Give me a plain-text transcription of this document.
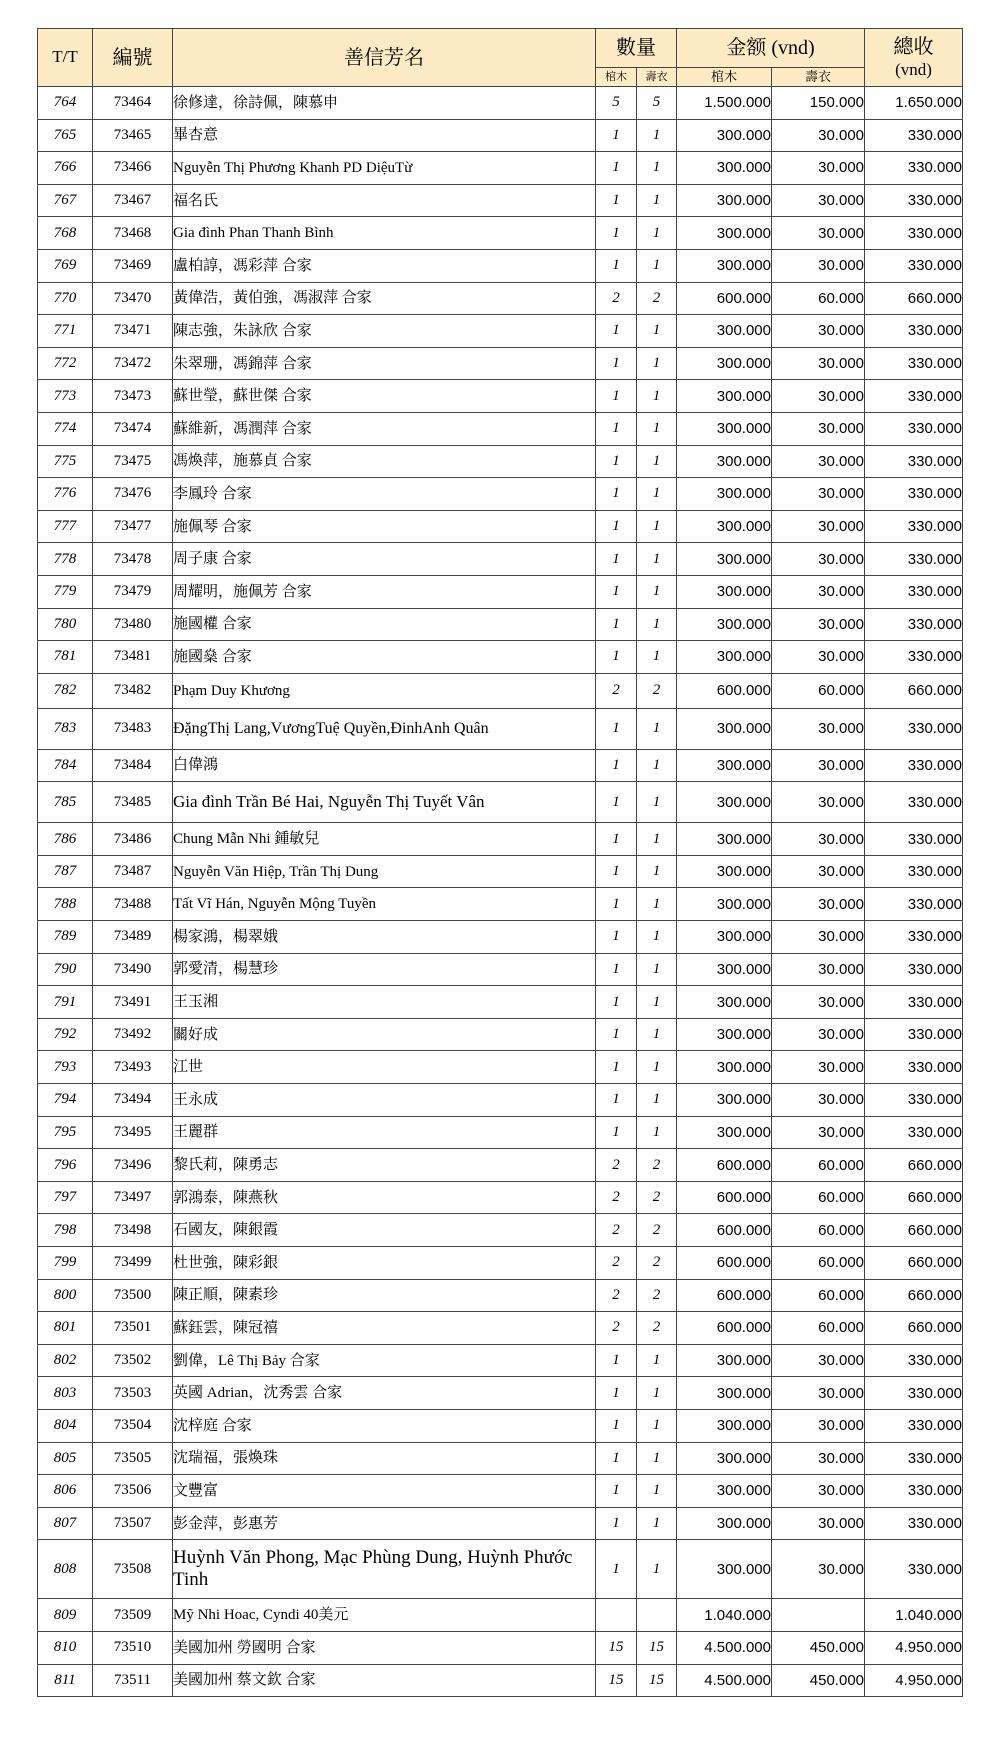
T/T	編號	善信芳名	數量		金额 (vnd)		總收
(vnd)
			棺木	壽衣	棺木	壽衣	
764	73464	徐修達，徐詩佩，陳慕申	5	5	1.500.000	150.000	1.650.000
765	73465	畢杏意	1	1	300.000	30.000	330.000
766	73466	Nguyễn Thị Phương Khanh PD DiệuTừ	1	1	300.000	30.000	330.000
767	73467	福名氏	1	1	300.000	30.000	330.000
768	73468	Gia đình Phan Thanh Bình	1	1	300.000	30.000	330.000
769	73469	盧柏諄，馮彩萍 合家	1	1	300.000	30.000	330.000
770	73470	黃偉浩，黃伯強，馮淑萍 合家	2	2	600.000	60.000	660.000
771	73471	陳志強，朱詠欣 合家	1	1	300.000	30.000	330.000
772	73472	朱翠珊，馮錦萍 合家	1	1	300.000	30.000	330.000
773	73473	蘇世瑩，蘇世傑 合家	1	1	300.000	30.000	330.000
774	73474	蘇維新，馮潤萍 合家	1	1	300.000	30.000	330.000
775	73475	馮煥萍，施慕貞 合家	1	1	300.000	30.000	330.000
776	73476	李鳳玲 合家	1	1	300.000	30.000	330.000
777	73477	施佩琴 合家	1	1	300.000	30.000	330.000
778	73478	周子康 合家	1	1	300.000	30.000	330.000
779	73479	周耀明，施佩芳 合家	1	1	300.000	30.000	330.000
780	73480	施國權 合家	1	1	300.000	30.000	330.000
781	73481	施國燊 合家	1	1	300.000	30.000	330.000
782	73482	Phạm Duy Khương	2	2	600.000	60.000	660.000
783	73483	ĐặngThị Lang,VươngTuệ Quyền,ĐinhAnh Quân	1	1	300.000	30.000	330.000
784	73484	白偉鴻	1	1	300.000	30.000	330.000
785	73485	Gia đình Trần Bé Hai, Nguyễn Thị Tuyết Vân	1	1	300.000	30.000	330.000
786	73486	Chung Mẫn Nhi 鍾敏兒	1	1	300.000	30.000	330.000
787	73487	Nguyễn Văn Hiệp, Trần Thị Dung	1	1	300.000	30.000	330.000
788	73488	Tất Vĩ Hán, Nguyễn Mộng Tuyền	1	1	300.000	30.000	330.000
789	73489	楊家鴻，楊翠娥	1	1	300.000	30.000	330.000
790	73490	郭愛清，楊慧珍	1	1	300.000	30.000	330.000
791	73491	王玉湘	1	1	300.000	30.000	330.000
792	73492	關好成	1	1	300.000	30.000	330.000
793	73493	江世	1	1	300.000	30.000	330.000
794	73494	王永成	1	1	300.000	30.000	330.000
795	73495	王麗群	1	1	300.000	30.000	330.000
796	73496	黎氏莉，陳勇志	2	2	600.000	60.000	660.000
797	73497	郭鴻泰，陳燕秋	2	2	600.000	60.000	660.000
798	73498	石國友，陳銀霞	2	2	600.000	60.000	660.000
799	73499	杜世強，陳彩銀	2	2	600.000	60.000	660.000
800	73500	陳正順，陳素珍	2	2	600.000	60.000	660.000
801	73501	蘇鈺雲，陳冠禧	2	2	600.000	60.000	660.000
802	73502	劉偉，Lê Thị Bảy 合家	1	1	300.000	30.000	330.000
803	73503	英國 Adrian，沈秀雲 合家	1	1	300.000	30.000	330.000
804	73504	沈梓庭 合家	1	1	300.000	30.000	330.000
805	73505	沈瑞福，張煥珠	1	1	300.000	30.000	330.000
806	73506	文豐富	1	1	300.000	30.000	330.000
807	73507	彭金萍，彭惠芳	1	1	300.000	30.000	330.000
808	73508	Huỳnh Văn Phong, Mạc Phùng Dung, Huỳnh Phước Tinh	1	1	300.000	30.000	330.000
809	73509	Mỹ Nhi Hoac, Cyndi 40美元			1.040.000		1.040.000
810	73510	美國加州 勞國明 合家	15	15	4.500.000	450.000	4.950.000
811	73511	美國加州 蔡文欽 合家	15	15	4.500.000	450.000	4.950.000
